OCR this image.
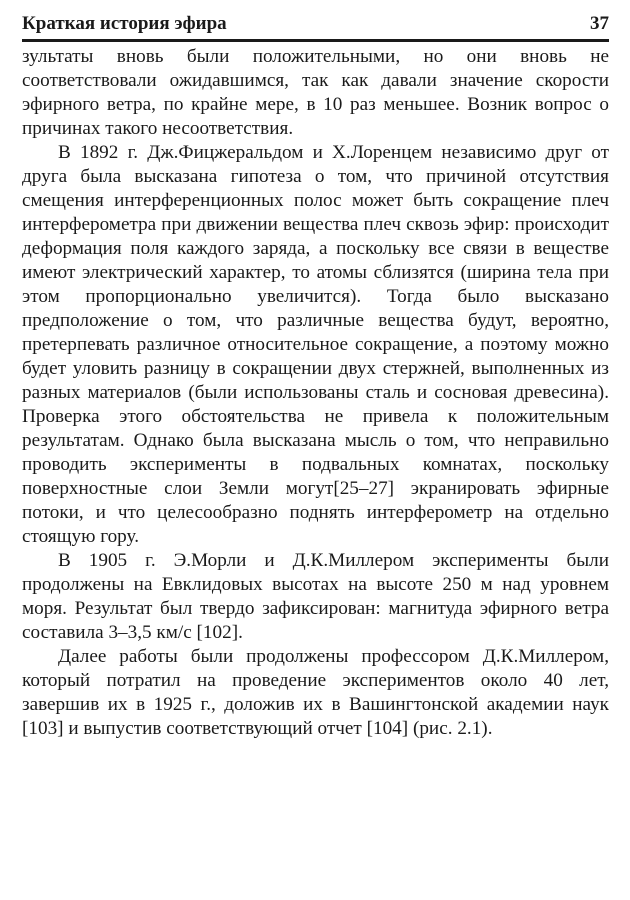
Краткая история эфира	37

зультаты вновь были положительными, но они вновь не соответствовали ожидавшимся, так как давали значение скорости эфирного ветра, по крайне мере, в 10 раз меньшее. Возник вопрос о причинах такого несоответствия.

В 1892 г. Дж.Фицжеральдом и Х.Лоренцем независимо друг от друга была высказана гипотеза о том, что причиной отсутствия смещения интерференционных полос может быть сокращение плеч интерферометра при движении вещества плеч сквозь эфир: происходит деформация поля каждого заряда, а поскольку все связи в веществе имеют электрический характер, то атомы сблизятся (ширина тела при этом пропорционально увеличится). Тогда было высказано предположение о том, что различные вещества будут, вероятно, претерпевать различное относительное сокращение, а поэтому можно будет уловить разницу в сокращении двух стержней, выполненных из разных материалов (были использованы сталь и сосновая древесина). Проверка этого обстоятельства не привела к положительным результатам. Однако была высказана мысль о том, что неправильно проводить эксперименты в подвальных комнатах, поскольку поверхностные слои Земли могут[25–27] экранировать эфирные потоки, и что целесообразно поднять интерферометр на отдельно стоящую гору.

В 1905 г. Э.Морли и Д.К.Миллером эксперименты были продолжены на Евклидовых высотах на высоте 250 м над уровнем моря. Результат был твердо зафиксирован: магнитуда эфирного ветра составила 3–3,5 км/с [102].

Далее работы были продолжены профессором Д.К.Миллером, который потратил на проведение экспериментов около 40 лет, завершив их в 1925 г., доложив их в Вашингтонской академии наук [103] и выпустив соответствующий отчет [104] (рис. 2.1).
